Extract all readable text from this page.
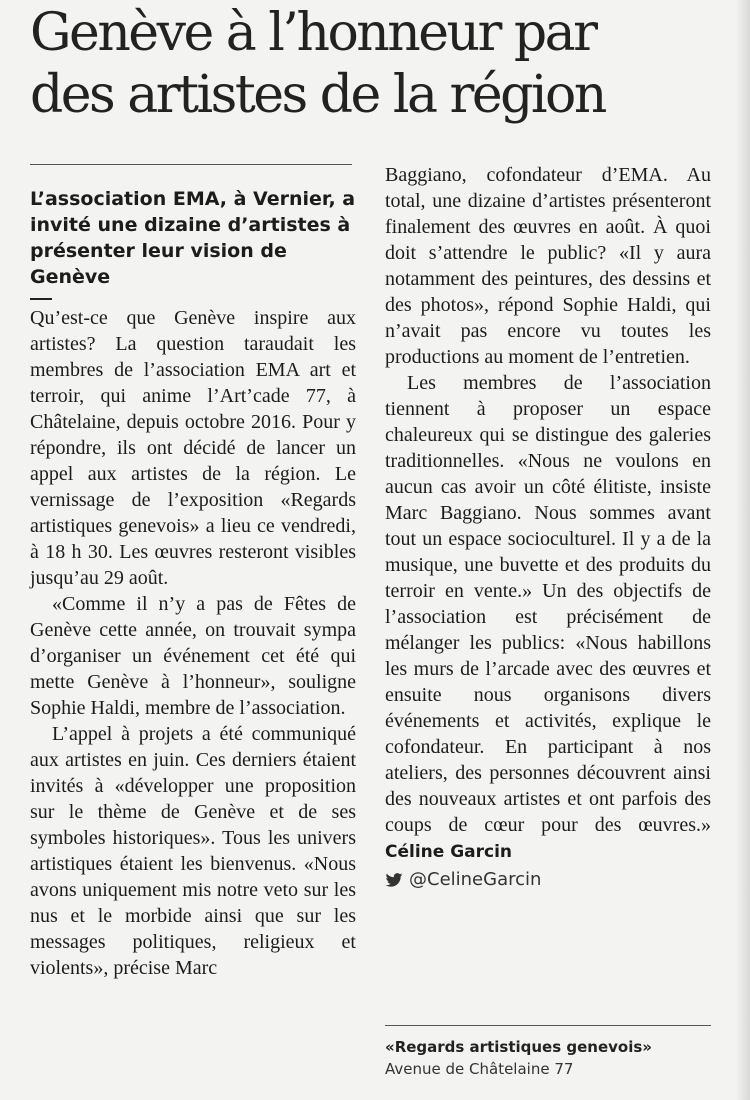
Genève à l’honneur par
des artistes de la région
L’association EMA, à Vernier, a invité une dizaine d’artistes à présenter leur vision de Genève

Qu’est-ce que Genève inspire aux artistes? La question taraudait les membres de l’association EMA art et terroir, qui anime l’Art’cade 77, à Châtelaine, depuis octobre 2016. Pour y répondre, ils ont décidé de lancer un appel aux artistes de la région. Le vernissage de l’exposition «Regards artistiques genevois» a lieu ce vendredi, à 18 h 30. Les œuvres resteront visibles jusqu’au 29 août.

«Comme il n’y a pas de Fêtes de Genève cette année, on trouvait sympa d’organiser un événement cet été qui mette Genève à l’honneur», souligne Sophie Haldi, membre de l’association.

L’appel à projets a été communiqué aux artistes en juin. Ces derniers étaient invités à «développer une proposition sur le thème de Genève et de ses symboles historiques». Tous les univers artistiques étaient les bienvenus. «Nous avons uniquement mis notre veto sur les nus et le morbide ainsi que sur les messages politiques, religieux et violents», précise Marc

Baggiano, cofondateur d’EMA. Au total, une dizaine d’artistes présenteront finalement des œuvres en août. À quoi doit s’attendre le public? «Il y aura notamment des peintures, des dessins et des photos», répond Sophie Haldi, qui n’avait pas encore vu toutes les productions au moment de l’entretien.

Les membres de l’association tiennent à proposer un espace chaleureux qui se distingue des galeries traditionnelles. «Nous ne voulons en aucun cas avoir un côté élitiste, insiste Marc Baggiano. Nous sommes avant tout un espace socioculturel. Il y a de la musique, une buvette et des produits du terroir en vente.» Un des objectifs de l’association est précisément de mélanger les publics: «Nous habillons les murs de l’arcade avec des œuvres et ensuite nous organisons divers événements et activités, explique le cofondateur. En participant à nos ateliers, des personnes découvrent ainsi des nouveaux artistes et ont parfois des coups de cœur pour des œuvres.» Céline Garcin

@CelineGarcin
«Regards artistiques genevois»
Avenue de Châtelaine 77
